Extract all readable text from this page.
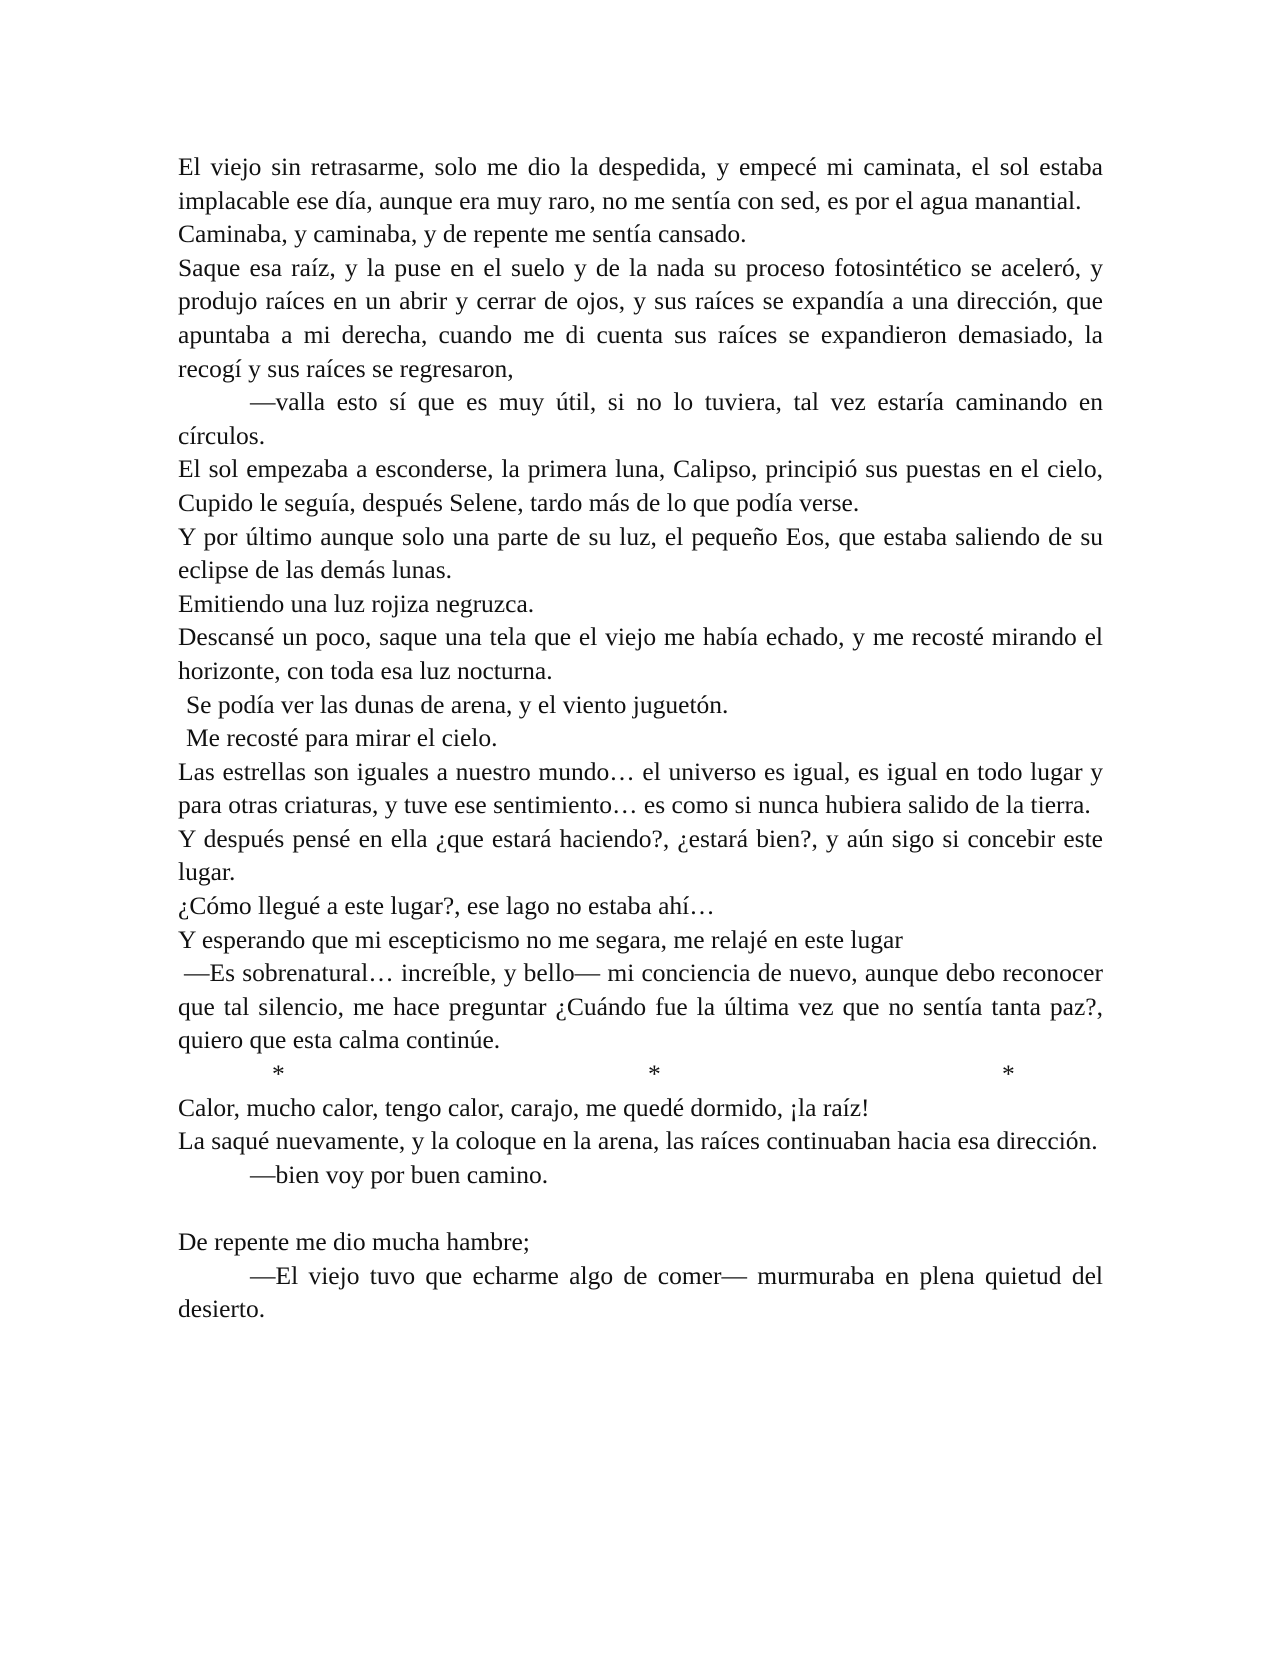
El viejo sin retrasarme, solo me dio la despedida, y empecé mi caminata, el sol estaba implacable ese día, aunque era muy raro, no me sentía con sed, es por el agua manantial.

Caminaba, y caminaba, y de repente me sentía cansado.

Saque esa raíz, y la puse en el suelo y de la nada su proceso fotosintético se aceleró, y produjo raíces en un abrir y cerrar de ojos, y sus raíces se expandía a una dirección, que apuntaba a mi derecha, cuando me di cuenta sus raíces se expandieron demasiado, la recogí y sus raíces se regresaron,

—valla esto sí que es muy útil, si no lo tuviera, tal vez estaría caminando en círculos.

El sol empezaba a esconderse, la primera luna, Calipso, principió sus puestas en el cielo, Cupido le seguía, después Selene, tardo más de lo que podía verse.

Y por último aunque solo una parte de su luz, el pequeño Eos, que estaba saliendo de su eclipse de las demás lunas.

Emitiendo una luz rojiza negruzca.

Descansé un poco, saque una tela que el viejo me había echado, y me recosté mirando el horizonte, con toda esa luz nocturna.

Se podía ver las dunas de arena, y el viento juguetón.

Me recosté para mirar el cielo.

Las estrellas son iguales a nuestro mundo… el universo es igual, es igual en todo lugar y para otras criaturas, y tuve ese sentimiento… es como si nunca hubiera salido de la tierra.

Y después pensé en ella ¿que estará haciendo?, ¿estará bien?, y aún sigo si concebir este lugar.

¿Cómo llegué a este lugar?, ese lago no estaba ahí…

Y esperando que mi escepticismo no me segara, me relajé en este lugar

—Es sobrenatural… increíble, y bello— mi conciencia de nuevo, aunque debo reconocer que tal silencio, me hace preguntar ¿Cuándo fue la última vez que no sentía tanta paz?, quiero que esta calma continúe.

*	*	*

Calor, mucho calor, tengo calor, carajo, me quedé dormido, ¡la raíz!

La saqué nuevamente, y la coloque en la arena, las raíces continuaban hacia esa dirección.

—bien voy por buen camino.

De repente me dio mucha hambre;

—El viejo tuvo que echarme algo de comer— murmuraba en plena quietud del desierto.
